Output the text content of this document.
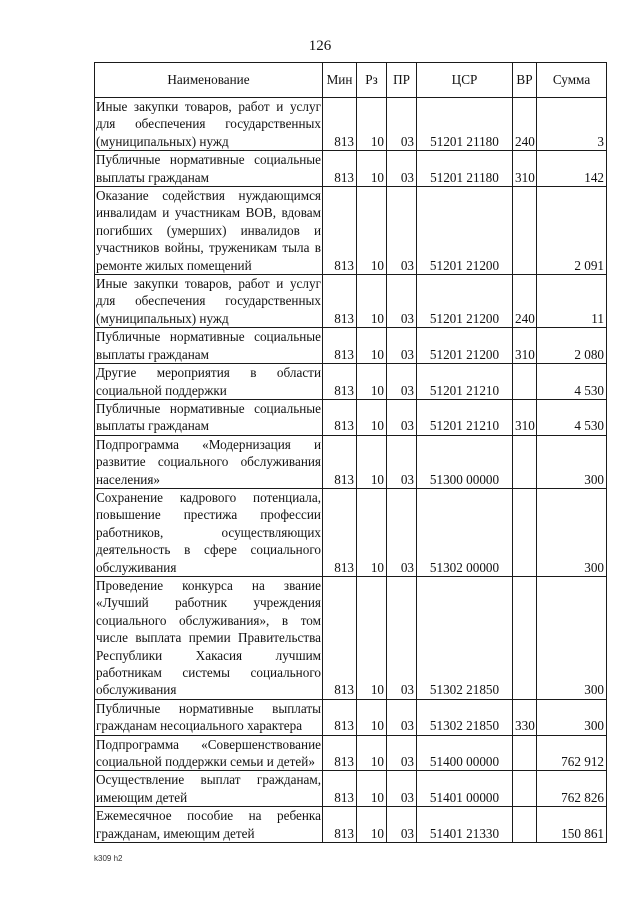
126
Наименование	Мин	Рз	ПР	ЦСР	ВР	Сумма
Иные закупки товаров, работ и услуг для обеспечения государственных (муниципальных) нужд	813	10	03	51201 21180	240	3
Публичные нормативные социальные выплаты гражданам	813	10	03	51201 21180	310	142
Оказание содействия нуждающимся инвалидам и участникам ВОВ, вдовам погибших (умерших) инвалидов и участников войны, труженикам тыла в ремонте жилых помещений	813	10	03	51201 21200		2 091
Иные закупки товаров, работ и услуг для обеспечения государственных (муниципальных) нужд	813	10	03	51201 21200	240	11
Публичные нормативные социальные выплаты гражданам	813	10	03	51201 21200	310	2 080
Другие мероприятия в области социальной поддержки	813	10	03	51201 21210		4 530
Публичные нормативные социальные выплаты гражданам	813	10	03	51201 21210	310	4 530
Подпрограмма «Модернизация и развитие социального обслуживания населения»	813	10	03	51300 00000		300
Сохранение кадрового потенциала, повышение престижа профессии работников, осуществляющих деятельность в сфере социального обслуживания	813	10	03	51302 00000		300
Проведение конкурса на звание «Лучший работник учреждения социального обслуживания», в том числе выплата премии Правительства Республики Хакасия лучшим работникам системы социального обслуживания	813	10	03	51302 21850		300
Публичные нормативные выплаты гражданам несоциального характера	813	10	03	51302 21850	330	300
Подпрограмма «Совершенствование социальной поддержки семьи и детей»	813	10	03	51400 00000		762 912
Осуществление выплат гражданам, имеющим детей	813	10	03	51401 00000		762 826
Ежемесячное пособие на ребенка гражданам, имеющим детей	813	10	03	51401 21330		150 861
k309 h2
